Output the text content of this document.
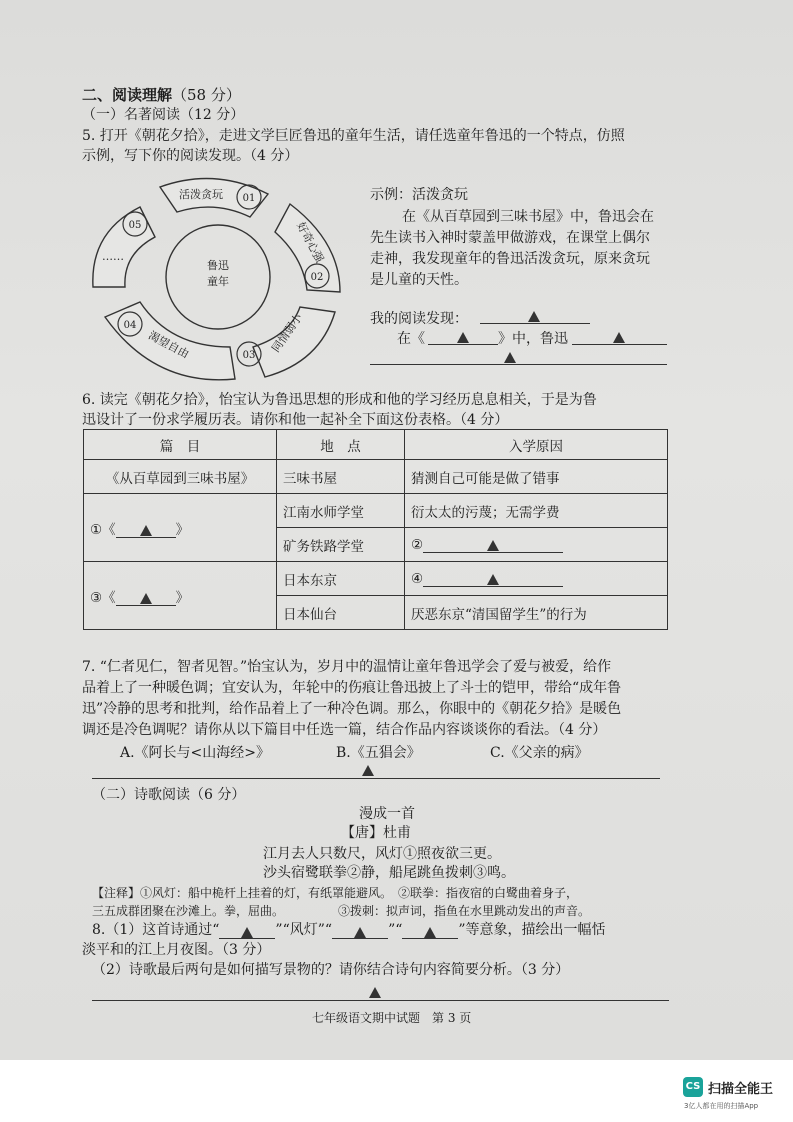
二、阅读理解（58 分）
（一）名著阅读（12 分）
5. 打开《朝花夕拾》，走进文学巨匠鲁迅的童年生活，请任选童年鲁迅的一个特点，仿照
示例，写下你的阅读发现。（4 分）
鲁迅
童年
活泼贪玩 01
好奇心强
02
同情弱小
03
渴望自由
04
……
05
示例：活泼贪玩
在《从百草园到三味书屋》中，鲁迅会在
先生读书入神时蒙盖甲做游戏，在课堂上偶尔
走神，我发现童年的鲁迅活泼贪玩，原来贪玩
是儿童的天性。
我的阅读发现：
在《	》中，鲁迅
6. 读完《朝花夕拾》，怡宝认为鲁迅思想的形成和他的学习经历息息相关，于是为鲁
迅设计了一份求学履历表。请你和他一起补全下面这份表格。（4 分）
篇　目	地　点	入学原因
《从百草园到三味书屋》	三味书屋	猜测自己可能是做了错事
①《 》	江南水师学堂	衍太太的污蔑；无需学费
	矿务铁路学堂	②
③《 》	日本东京	④
	日本仙台	厌恶东京“清国留学生”的行为
7. “仁者见仁，智者见智。”怡宝认为，岁月中的温情让童年鲁迅学会了爱与被爱，给作
品着上了一种暖色调；宜安认为，年轮中的伤痕让鲁迅披上了斗士的铠甲，带给“成年鲁
迅”冷静的思考和批判，给作品着上了一种冷色调。那么，你眼中的《朝花夕拾》是暖色
调还是冷色调呢？请你从以下篇目中任选一篇，结合作品内容谈谈你的看法。（4 分）
A.《阿长与<山海经>》	B.《五猖会》	C.《父亲的病》
（二）诗歌阅读（6 分）
漫成一首
【唐】杜甫
江月去人只数尺，风灯①照夜欲三更。
沙头宿鹭联拳②静，船尾跳鱼拨刺③鸣。
【注释】①风灯：船中桅杆上挂着的灯，有纸罩能避风。　②联拳：指夜宿的白鹭曲着身子，
三五成群团聚在沙滩上。拳，屈曲。　　　　　③拨刺：拟声词，指鱼在水里跳动发出的声音。
8.（1）这首诗通过“	”“风灯”“	”“	”等意象，描绘出一幅恬
淡平和的江上月夜图。（3 分）
（2）诗歌最后两句是如何描写景物的？请你结合诗句内容简要分析。（3 分）
七年级语文期中试题　第 3 页
CS 扫描全能王
3亿人都在用的扫描App
